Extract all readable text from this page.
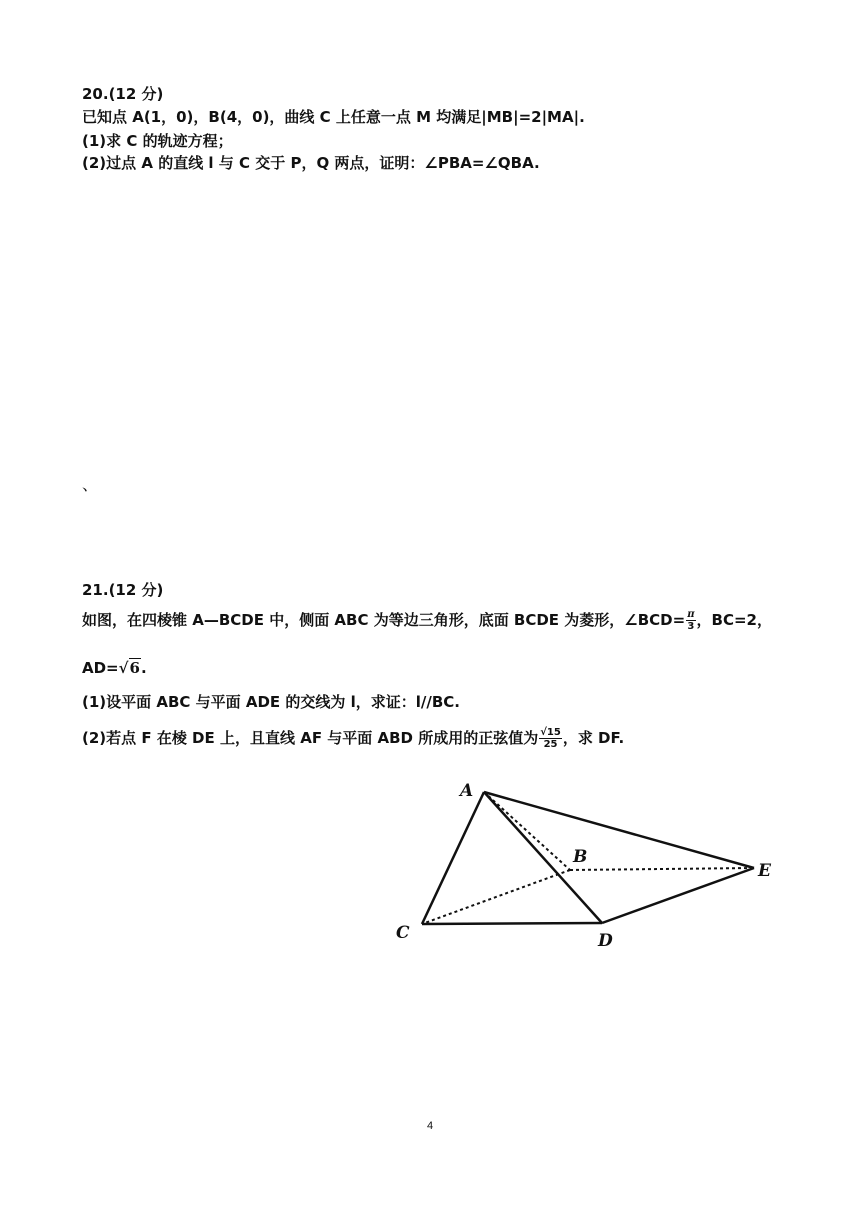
20.(12 分)
已知点 A(1，0)，B(4，0)，曲线 C 上任意一点 M 均满足|MB|=2|MA|.
(1)求 C 的轨迹方程；
(2)过点 A 的直线 l 与 C 交于 P，Q 两点，证明：∠PBA=∠QBA.
、
21.(12 分)
如图，在四棱锥 A—BCDE 中，侧面 ABC 为等边三角形，底面 BCDE 为菱形，∠BCD= $\frac{\pi}{3}$ ，BC=2，
AD=√6.
(1)设平面 ABC 与平面 ADE 的交线为 l，求证：l//BC.
(2)若点 F 在棱 DE 上，且直线 AF 与平面 ABD 所成用的正弦值为 $\frac{√15}{25}$ ，求 DF.
A
B
C	D
E
4
